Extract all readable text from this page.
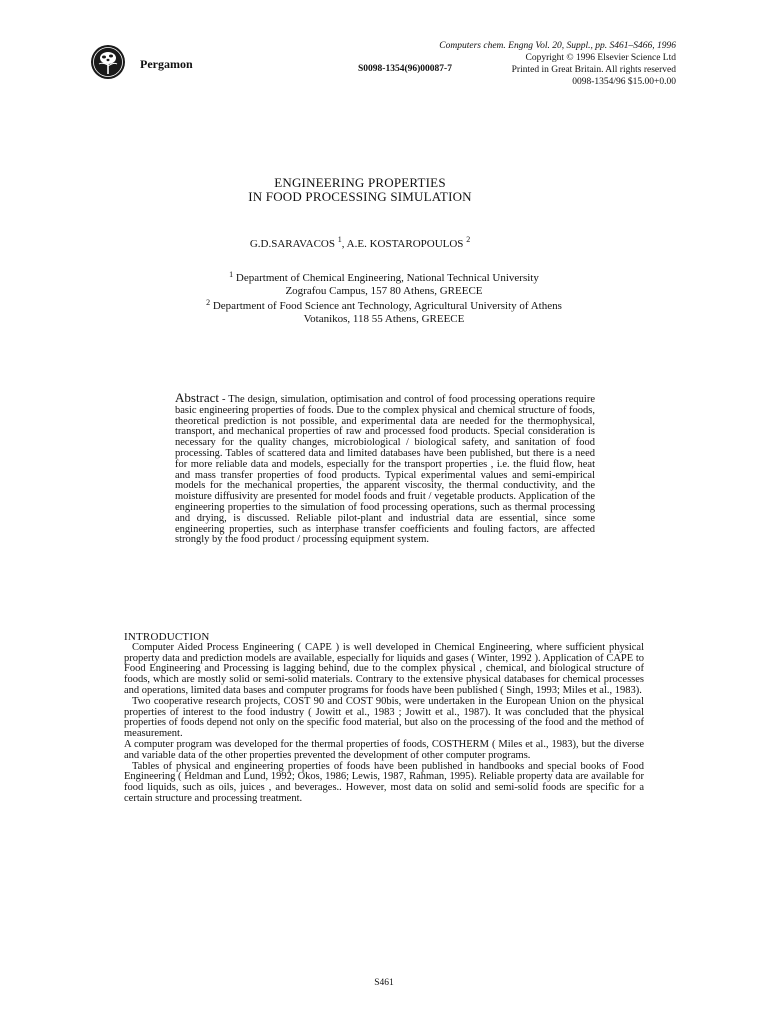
Pergamon	S0098-1354(96)00087-7
Computers chem. Engng Vol. 20, Suppl., pp. S461–S466, 1996
Copyright © 1996 Elsevier Science Ltd
Printed in Great Britain. All rights reserved
0098-1354/96 $15.00+0.00
ENGINEERING PROPERTIES
IN FOOD PROCESSING SIMULATION
G.D.SARAVACOS $^1$, A.E. KOSTAROPOULOS $^2$
$^1$ Department of Chemical Engineering, National Technical University
Zografou Campus, 157 80 Athens, GREECE
$^2$ Department of Food Science ant Technology, Agricultural University of Athens
Votanikos, 118 55 Athens, GREECE
Abstract - The design, simulation, optimisation and control of food processing operations require basic engineering properties of foods. Due to the complex physical and chemical structure of foods, theoretical prediction is not possible, and experimental data are needed for the thermophysical, transport, and mechanical properties of raw and processed food products. Special consideration is necessary for the quality changes, microbiological / biological safety, and sanitation of food processing. Tables of scattered data and limited databases have been published, but there is a need for more reliable data and models, especially for the transport properties , i.e. the fluid flow, heat and mass transfer properties of food products. Typical experimental values and semi-empirical models for the mechanical properties, the apparent viscosity, the thermal conductivity, and the moisture diffusivity are presented for model foods and fruit / vegetable products. Application of the engineering properties to the simulation of food processing operations, such as thermal processing and drying, is discussed. Reliable pilot-plant and industrial data are essential, since some engineering properties, such as interphase transfer coefficients and fouling factors, are affected strongly by the food product / processing equipment system.
INTRODUCTION

Computer Aided Process Engineering ( CAPE ) is well developed in Chemical Engineering, where sufficient physical property data and prediction models are available, especially for liquids and gases ( Winter, 1992 ). Application of CAPE to Food Engineering and Processing is lagging behind, due to the complex physical , chemical, and biological structure of foods, which are mostly solid or semi-solid materials. Contrary to the extensive physical databases for chemical processes and operations, limited data bases and computer programs for foods have been published ( Singh, 1993; Miles et al., 1983).

Two cooperative research projects, COST 90 and COST 90bis, were undertaken in the European Union on the physical properties of interest to the food industry ( Jowitt et al., 1983 ; Jowitt et al., 1987). It was concluded that the physical properties of foods depend not only on the specific food material, but also on the processing of the food and the method of measurement.

A computer program was developed for the thermal properties of foods, COSTHERM ( Miles et al., 1983), but the diverse and variable data of the other properties prevented the development of other computer programs.

Tables of physical and engineering properties of foods have been published in handbooks and special books of Food Engineering ( Heldman and Lund, 1992; Okos, 1986; Lewis, 1987, Rahman, 1995). Reliable property data are available for food liquids, such as oils, juices , and beverages.. However, most data on solid and semi-solid foods are specific for a certain structure and processing treatment.

S461
